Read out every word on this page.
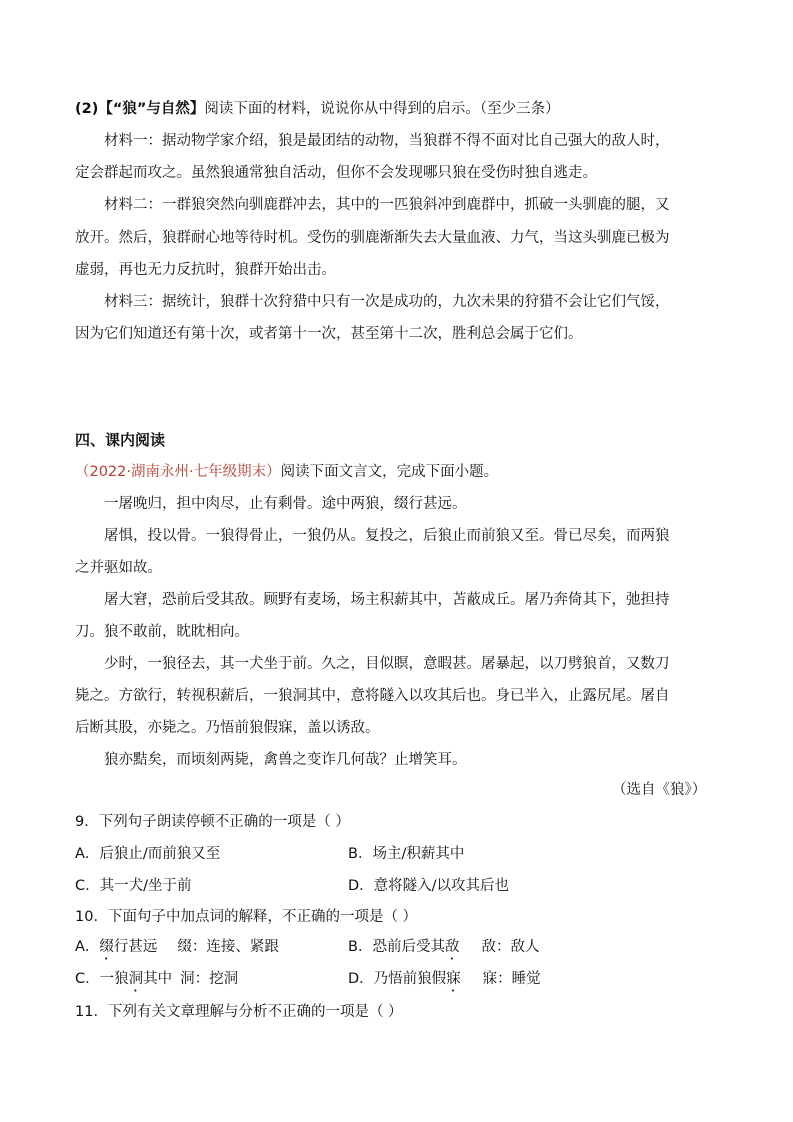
(2)【“狼”与自然】阅读下面的材料，说说你从中得到的启示。（至少三条）
材料一：据动物学家介绍，狼是最团结的动物，当狼群不得不面对比自己强大的敌人时，
定会群起而攻之。虽然狼通常独自活动，但你不会发现哪只狼在受伤时独自逃走。
材料二：一群狼突然向驯鹿群冲去，其中的一匹狼斜冲到鹿群中，抓破一头驯鹿的腿，又
放开。然后，狼群耐心地等待时机。受伤的驯鹿渐渐失去大量血液、力气，当这头驯鹿已极为
虚弱，再也无力反抗时，狼群开始出击。
材料三：据统计，狼群十次狩猎中只有一次是成功的，九次未果的狩猎不会让它们气馁，
因为它们知道还有第十次，或者第十一次，甚至第十二次，胜利总会属于它们。
四、课内阅读
（2022·湖南永州·七年级期末）阅读下面文言文，完成下面小题。
一屠晚归，担中肉尽，止有剩骨。途中两狼，缀行甚远。
屠惧，投以骨。一狼得骨止，一狼仍从。复投之，后狼止而前狼又至。骨已尽矣，而两狼
之并驱如故。
屠大窘，恐前后受其敌。顾野有麦场，场主积薪其中，苫蔽成丘。屠乃奔倚其下，弛担持
刀。狼不敢前，眈眈相向。
少时，一狼径去，其一犬坐于前。久之，目似瞑，意暇甚。屠暴起，以刀劈狼首，又数刀
毙之。方欲行，转视积薪后，一狼洞其中，意将隧入以攻其后也。身已半入，止露尻尾。屠自
后断其股，亦毙之。乃悟前狼假寐，盖以诱敌。
狼亦黠矣，而顷刻两毙，禽兽之变诈几何哉？止增笑耳。
（选自《狼》）
9．下列句子朗读停顿不正确的一项是（ ）
A．后狼止/而前狼又至	B．场主/积薪其中
C．其一犬/坐于前	D．意将隧入/以攻其后也
10．下面句子中加点词的解释，不正确的一项是（ ）
A．缀行甚远 缀：连接、紧跟	B．恐前后受其敌 敌：敌人
C．一狼洞其中 洞：挖洞	D．乃悟前狼假寐 寐：睡觉
11．下列有关文章理解与分析不正确的一项是（ ）
